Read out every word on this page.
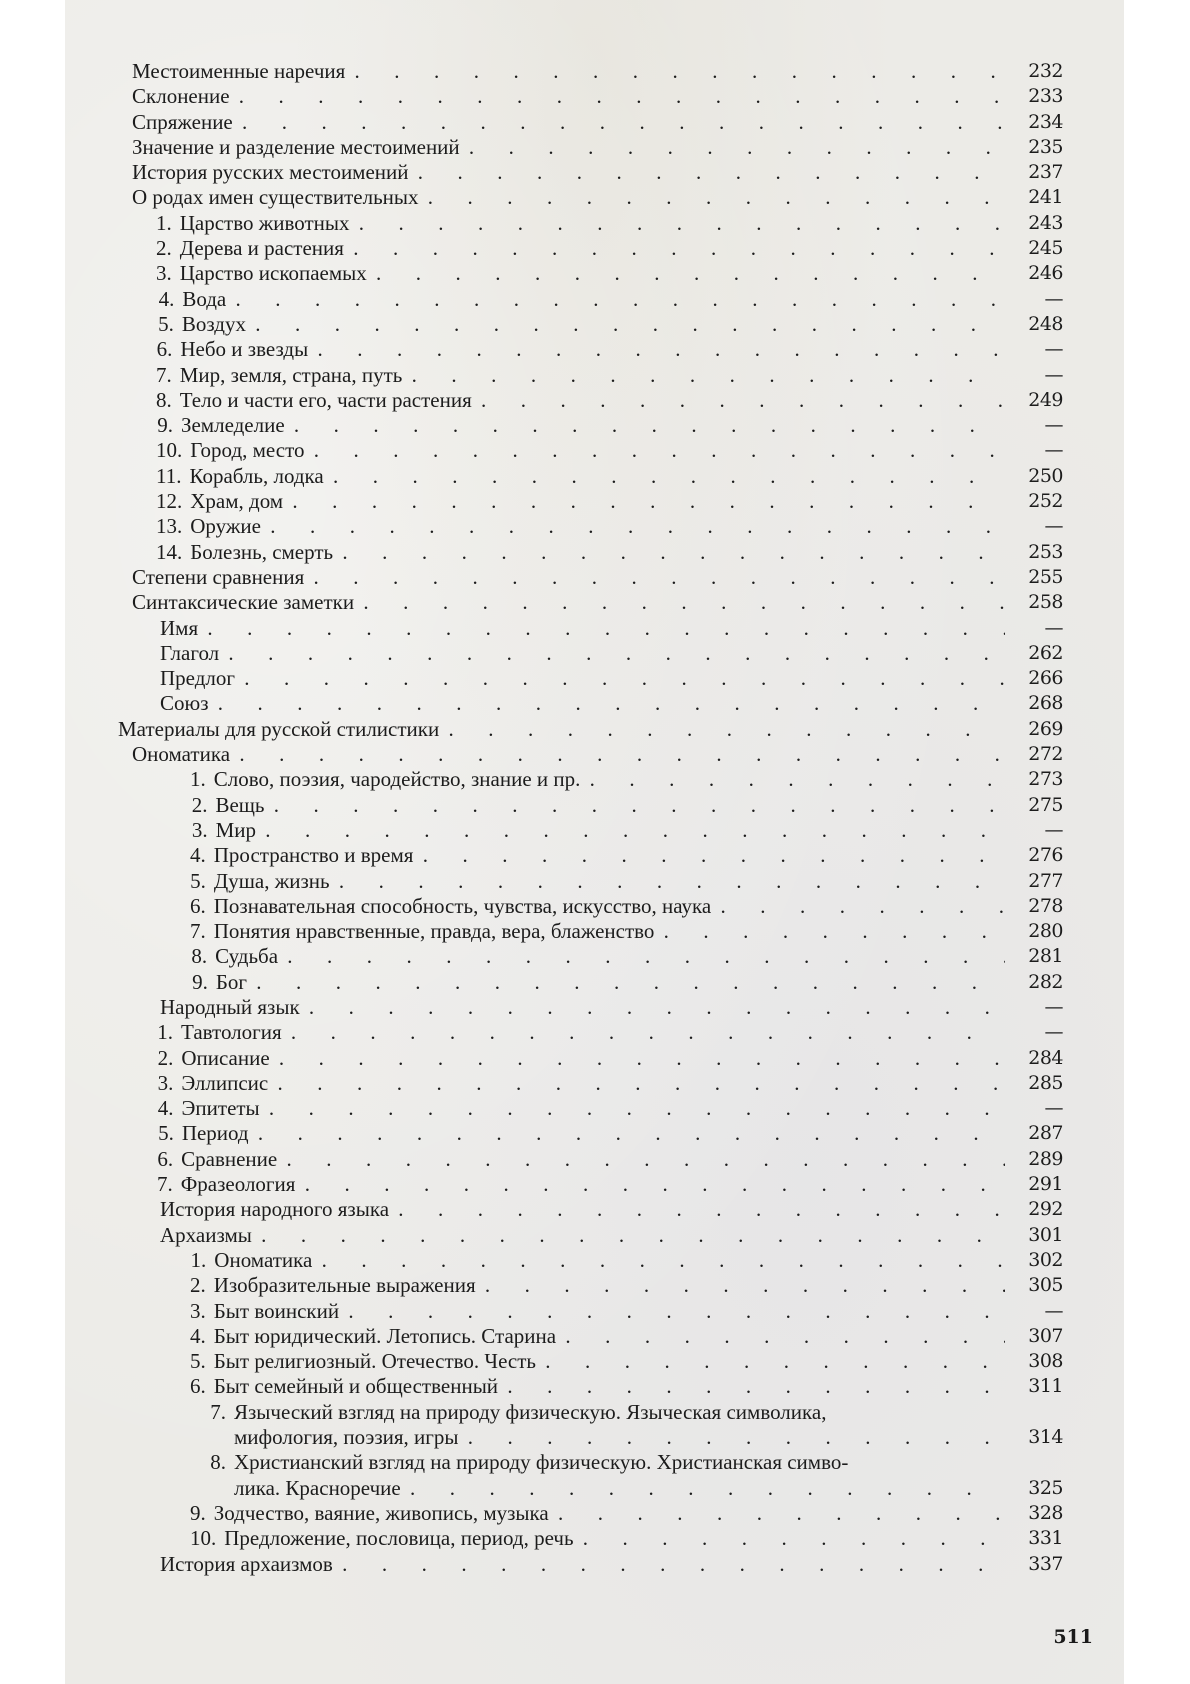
Местоименные наречия . .	232
Склонение . .	233
Спряжение . .	234
Значение и разделение местоимений . .	235
История русских местоимений . .	237
О родах имен существительных . .	241
1. Царство животных . .	243
2. Дерева и растения . .	245
3. Царство ископаемых . .	246
4. Вода . .	—
5. Воздух . .	248
6. Небо и звезды . .	—
7. Мир, земля, страна, путь . .	—
8. Тело и части его, части растения . .	249
9. Земледелие . .	—
10. Город, место . .	—
11. Корабль, лодка . .	250
12. Храм, дом . .	252
13. Оружие . .	—
14. Болезнь, смерть . .	253
Степени сравнения . .	255
Синтаксические заметки . .	258
Имя . .	—
Глагол . .	262
Предлог . .	266
Союз . .	268
Материалы для русской стилистики . .	269
Ономатика . .	272
1. Слово, поэзия, чародейство, знание и пр. . .	273
2. Вещь . .	275
3. Мир . .	—
4. Пространство и время . .	276
5. Душа, жизнь . .	277
6. Познавательная способность, чувства, искусство, наука . .	278
7. Понятия нравственные, правда, вера, блаженство . .	280
8. Судьба . .	281
9. Бог . .	282
Народный язык . .	—
1. Тавтология . .	—
2. Описание . .	284
3. Эллипсис . .	285
4. Эпитеты . .	—
5. Период . .	287
6. Сравнение . .	289
7. Фразеология . .	291
История народного языка . .	292
Архаизмы . .	301
1. Ономатика . .	302
2. Изобразительные выражения . .	305
3. Быт воинский . .	—
4. Быт юридический. Летопись. Старина . .	307
5. Быт религиозный. Отечество. Честь . .	308
6. Быт семейный и общественный . .	311
7. Языческий взгляд на природу физическую. Языческая символика,
мифология, поэзия, игры . .	314
8. Христианский взгляд на природу физическую. Христианская симво-
лика. Красноречие . .	325
9. Зодчество, ваяние, живопись, музыка . .	328
10. Предложение, пословица, период, речь . .	331
История архаизмов . .	337
511
